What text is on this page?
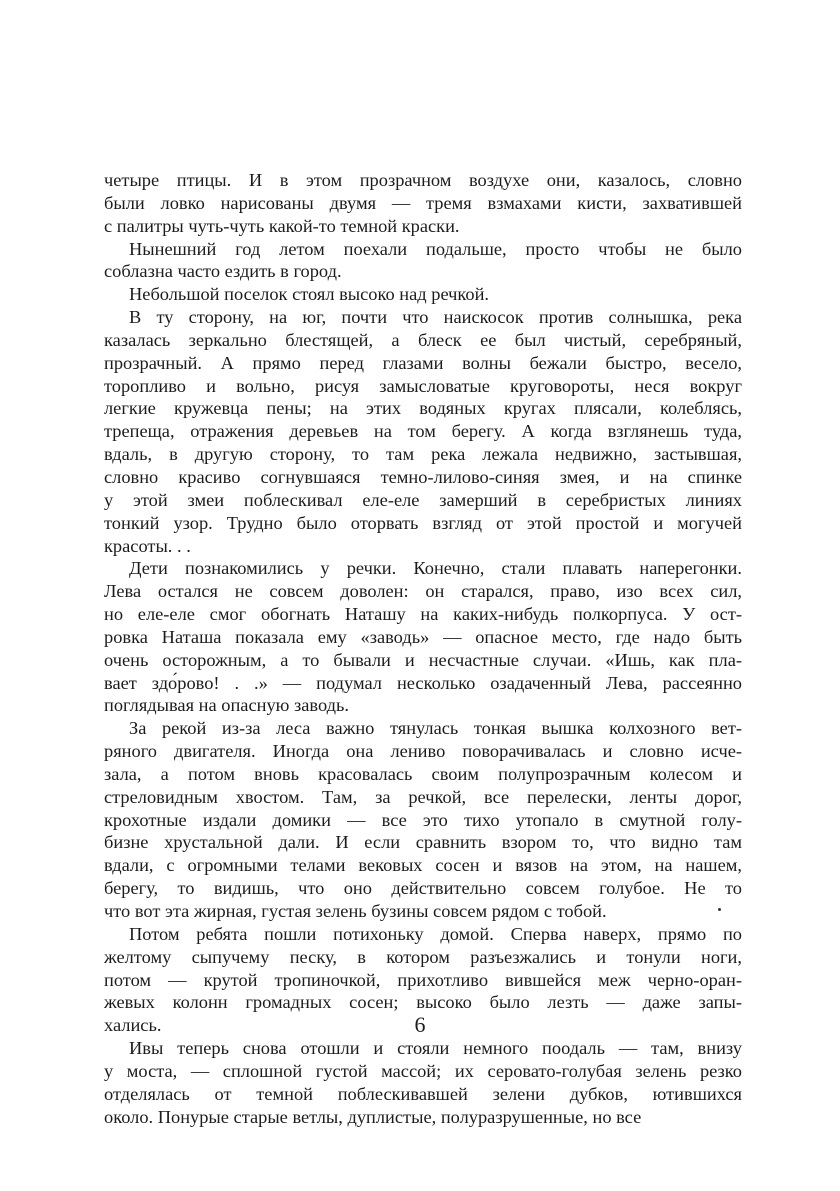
четыре птицы. И в этом прозрачном воздухе они, казалось, словно
были ловко нарисованы двумя — тремя взмахами кисти, захватившей
с палитры чуть-чуть какой-то темной краски.
Нынешний год летом поехали подальше, просто чтобы не было
соблазна часто ездить в город.
Небольшой поселок стоял высоко над речкой.
В ту сторону, на юг, почти что наискосок против солнышка, река
казалась зеркально блестящей, а блеск ее был чистый, серебряный,
прозрачный. А прямо перед глазами волны бежали быстро, весело,
торопливо и вольно, рисуя замысловатые круговороты, неся вокруг
легкие кружевца пены; на этих водяных кругах плясали, колеблясь,
трепеща, отражения деревьев на том берегу. А когда взглянешь туда,
вдаль, в другую сторону, то там река лежала недвижно, застывшая,
словно красиво согнувшаяся темно-лилово-синяя змея, и на спинке
у этой змеи поблескивал еле-еле замерший в серебристых линиях
тонкий узор. Трудно было оторвать взгляд от этой простой и могучей
красоты. . .
Дети познакомились у речки. Конечно, стали плавать наперегонки.
Лева остался не совсем доволен: он старался, право, изо всех сил,
но еле-еле смог обогнать Наташу на каких-нибудь полкорпуса. У ост-
ровка Наташа показала ему «заводь» — опасное место, где надо быть
очень осторожным, а то бывали и несчастные случаи. «Ишь, как пла-
вает здо́рово! . .» — подумал несколько озадаченный Лева, рассеянно
поглядывая на опасную заводь.
За рекой из-за леса важно тянулась тонкая вышка колхозного вет-
ряного двигателя. Иногда она лениво поворачивалась и словно исче-
зала, а потом вновь красовалась своим полупрозрачным колесом и
стреловидным хвостом. Там, за речкой, все перелески, ленты дорог,
крохотные издали домики — все это тихо утопало в смутной голу-
бизне хрустальной дали. И если сравнить взором то, что видно там
вдали, с огромными телами вековых сосен и вязов на этом, на нашем,
берегу, то видишь, что оно действительно совсем голубое. Не то
что вот эта жирная, густая зелень бузины совсем рядом с тобой.
Потом ребята пошли потихоньку домой. Сперва наверх, прямо по
желтому сыпучему песку, в котором разъезжались и тонули ноги,
потом — крутой тропиночкой, прихотливо вившейся меж черно-оран-
жевых колонн громадных сосен; высоко было лезть — даже запы-
хались.
Ивы теперь снова отошли и стояли немного поодаль — там, внизу
у моста, — сплошной густой массой; их серовато-голубая зелень резко
отделялась от темной поблескивавшей зелени дубков, ютившихся
около. Понурые старые ветлы, дуплистые, полуразрушенные, но все
6
